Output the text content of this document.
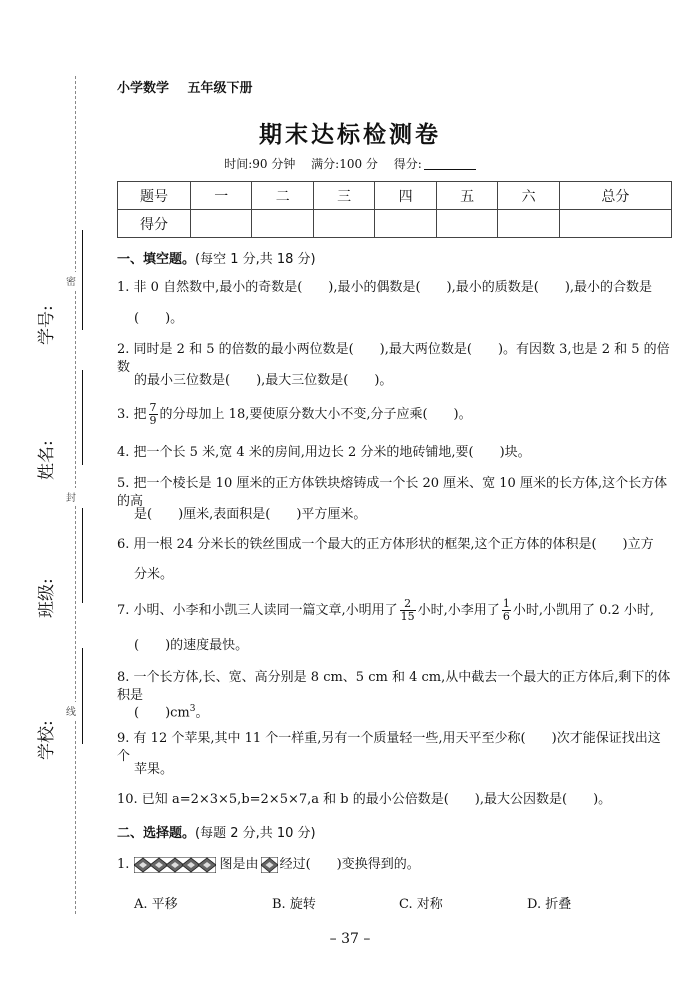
密
封
线
学号:
姓名:
班级:
学校:
小学数学 五年级下册
期末达标检测卷
时间:90 分钟 满分:100 分 得分:
题号	一	二	三	四	五	六	总分
得分							
一、填空题。(每空 1 分,共 18 分)
1. 非 0 自然数中,最小的奇数是(　　),最小的偶数是(　　),最小的质数是(　　),最小的合数是
(　　)。
2. 同时是 2 和 5 的倍数的最小两位数是(　　),最大两位数是(　　)。有因数 3,也是 2 和 5 的倍数
的最小三位数是(　　),最大三位数是(　　)。
3. 把 $\frac{7}{9}$ 的分母加上 18,要使原分数大小不变,分子应乘(　　)。
4. 把一个长 5 米,宽 4 米的房间,用边长 2 分米的地砖铺地,要(　　)块。
5. 把一个棱长是 10 厘米的正方体铁块熔铸成一个长 20 厘米、宽 10 厘米的长方体,这个长方体的高
是(　　)厘米,表面积是(　　)平方厘米。
6. 用一根 24 分米长的铁丝围成一个最大的正方体形状的框架,这个正方体的体积是(　　)立方
分米。
7. 小明、小李和小凯三人读同一篇文章,小明用了 $\frac{2}{15}$ 小时,小李用了 $\frac{1}{6}$ 小时,小凯用了 0.2 小时,
(　　)的速度最快。
8. 一个长方体,长、宽、高分别是 8 cm、5 cm 和 4 cm,从中截去一个最大的正方体后,剩下的体积是
(　　)$cm^3$。
9. 有 12 个苹果,其中 11 个一样重,另有一个质量轻一些,用天平至少称(　　)次才能保证找出这个
苹果。
10. 已知 a=2×3×5,b=2×5×7,a 和 b 的最小公倍数是(　　),最大公因数是(　　)。
二、选择题。(每题 2 分,共 10 分)
1.	图是由 经过(　　)变换得到的。
A. 平移	B. 旋转	C. 对称	D. 折叠
– 37 –
